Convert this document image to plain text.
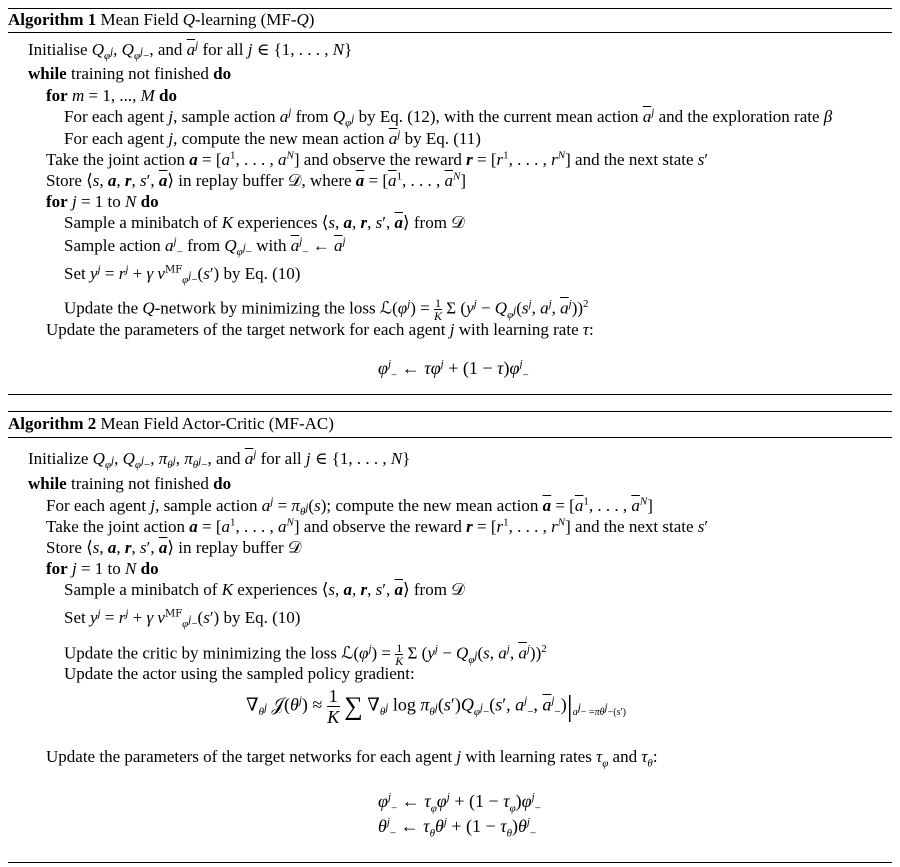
Algorithm 1 Mean Field Q-learning (MF-Q)
Initialise $Q_{\varphi j}$, $Q_{\varphi j-}$, and $\overline{a}^j$ for all j ∈ {1, . . . , N}
while training not finished do
for m = 1, ..., M do
For each agent j, sample action $a^j$ from $Q_{\varphi j}$ by Eq. (12), with the current mean action $\overline{a}^j$ and the exploration rate β
For each agent j, compute the new mean action $\overline{a}^j$ by Eq. (11)
Take the joint action $a = [a^1$, . . . , $a^N$] and observe the reward $r = [r^1$, . . . , $r^N$] and the next state s′
Store ⟨s, a, r, s′, $\overline{a}⟩$ in replay buffer 𝒟, where $\overline{a} = [\overline{a}^1$, . . . , $\overline{a}^N$]
for j = 1 to N do
Sample a minibatch of K experiences ⟨s, a, r, s′, $\overline{a}⟩$ from 𝒟
Sample action $a^j_-$ from $Q_{\varphi j-}$ with $\overline{a}^j_-$ ← $\overline{a}^j$
Set $y^j = r^j + \gamma$ $v^{MF}_{\varphi j-}(s')$ by Eq. (10)
Update the Q-network by minimizing the loss $ℒ(\varphi^j) = \frac{1}{K}$ Σ ($y^j - Q_{\varphi j}(s^j$, $a^j$, $\overline{a}^j))^2$
Update the parameters of the target network for each agent j with learning rate τ:
$\varphi^j_-$ ← $\tau\varphi^j + (1 - \tau)\varphi^j_-$
Algorithm 2 Mean Field Actor-Critic (MF-AC)
Initialize $Q_{\varphi j}$, $Q_{\varphi j-}$, $\pi_{\theta j}$, $\pi_{\theta j-}$, and $\overline{a}^j$ for all j ∈ {1, . . . , N}
while training not finished do
For each agent j, sample action $a^j = \pi_{\theta j}(s)$; compute the new mean action $\overline{a} = [\overline{a}^1$, . . . , $\overline{a}^N$]
Take the joint action $a = [a^1$, . . . , $a^N$] and observe the reward $r = [r^1$, . . . , $r^N$] and the next state s′
Store ⟨s, a, r, s′, $\overline{a}⟩$ in replay buffer 𝒟
for j = 1 to N do
Sample a minibatch of K experiences ⟨s, a, r, s′, $\overline{a}⟩$ from 𝒟
Set $y^j = r^j + \gamma$ $v^{MF}_{\varphi j-}(s')$ by Eq. (10)
Update the critic by minimizing the loss $ℒ(\varphi^j) = \frac{1}{K}$ Σ ($y^j - Q_{\varphi j}(s$, $a^j$, $\overline{a}^j))^2$
Update the actor using the sampled policy gradient:
$\nabla_{\theta j}$ $𝒥(\theta^j) \approx \frac{1}{K}$ ∑ $\nabla_{\theta j}$ $\log \pi_{\theta j}(s')Q_{\varphi j-}(s'$, $a^j_-$, $\overline{a}^j_-)|_{aj- =\pi\theta j-(s')}$
Update the parameters of the target networks for each agent j with learning rates $\tau_\varphi$ and $\tau_\theta$:
$\varphi^j_-$ ← $\tau_\varphi\varphi^j + (1 - \tau_\varphi)\varphi^j_-$
$\theta^j_-$ ← $\tau_\theta\theta^j + (1 - \tau_\theta)\theta^j_-$
